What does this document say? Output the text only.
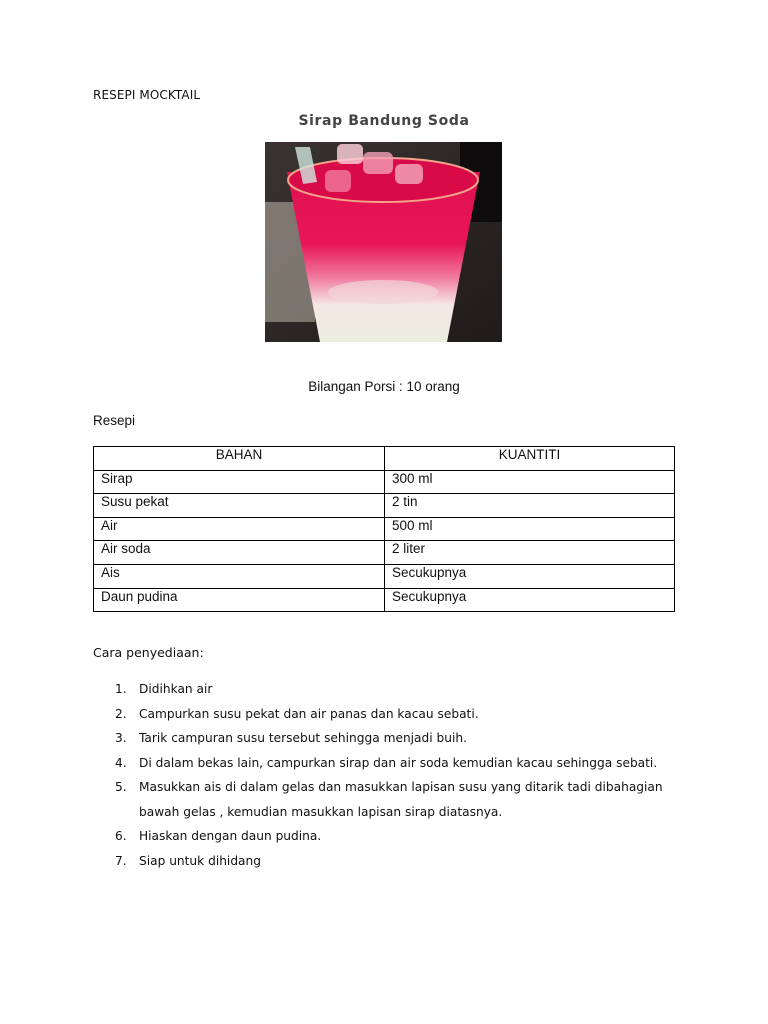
RESEPI MOCKTAIL
Sirap Bandung Soda
Bilangan Porsi : 10 orang
Resepi
BAHAN	KUANTITI
Sirap	300 ml
Susu pekat	2 tin
Air	500 ml
Air soda	2 liter
Ais	Secukupnya
Daun pudina	Secukupnya
Cara penyediaan:
1. Didihkan air
2. Campurkan susu pekat dan air panas dan kacau sebati.
3. Tarik campuran susu tersebut sehingga menjadi buih.
4. Di dalam bekas lain, campurkan sirap dan air soda kemudian kacau sehingga sebati.
5. Masukkan ais di dalam gelas dan masukkan lapisan susu yang ditarik tadi dibahagian bawah gelas , kemudian masukkan lapisan sirap diatasnya.
6. Hiaskan dengan daun pudina.
7. Siap untuk dihidang
